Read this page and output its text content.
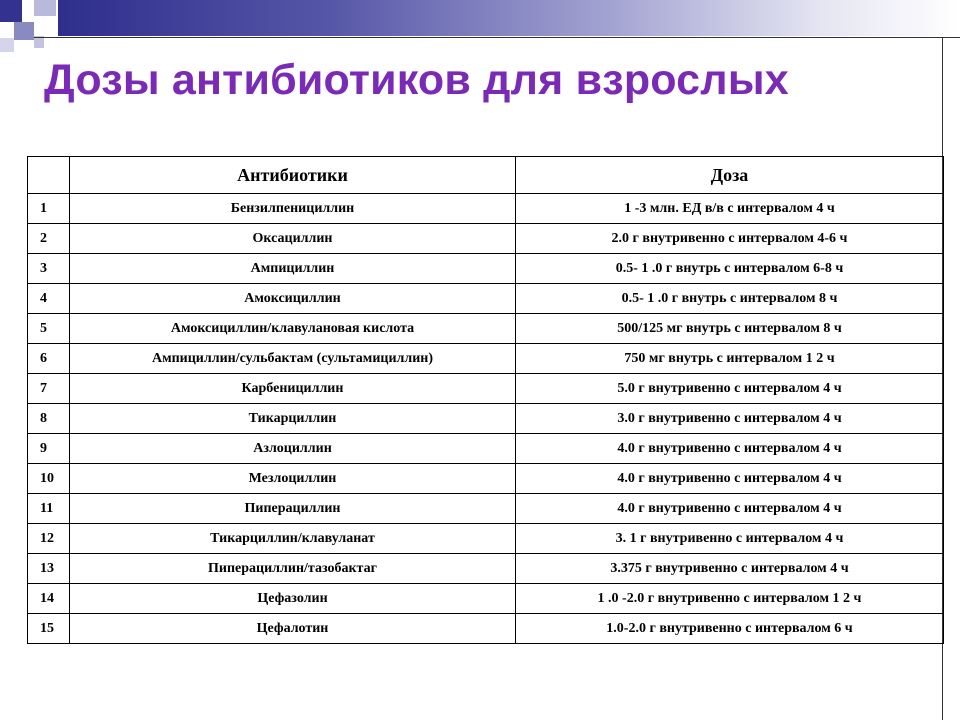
Дозы антибиотиков для взрослых
	Антибиотики	Доза
1	Бензилпенициллин	1 -3 млн. ЕД в/в с интервалом 4 ч
2	Оксациллин	2.0 г внутривенно с интервалом 4-6 ч
3	Ампициллин	0.5- 1 .0 г внутрь с интервалом 6-8 ч
4	Амоксициллин	0.5- 1 .0 г внутрь с интервалом 8 ч
5	Амоксициллин/клавулановая кислота	500/125 мг внутрь с интервалом 8 ч
6	Ампициллин/сульбактам (сультамициллин)	750 мг внутрь с интервалом 1 2 ч
7	Карбенициллин	5.0 г внутривенно с интервалом 4 ч
8	Тикарциллин	3.0 г внутривенно с интервалом 4 ч
9	Азлоциллин	4.0 г внутривенно с интервалом 4 ч
10	Мезлоциллин	4.0 г внутривенно с интервалом 4 ч
11	Пиперациллин	4.0 г внутривенно с интервалом 4 ч
12	Тикарциллин/клавуланат	3. 1 г внутривенно с интервалом 4 ч
13	Пиперациллин/тазобактаг	3.375 г внутривенно с интервалом 4 ч
14	Цефазолин	1 .0 -2.0 г внутривенно с интервалом 1 2 ч
15	Цефалотин	1.0-2.0 г внутривенно с интервалом 6 ч
